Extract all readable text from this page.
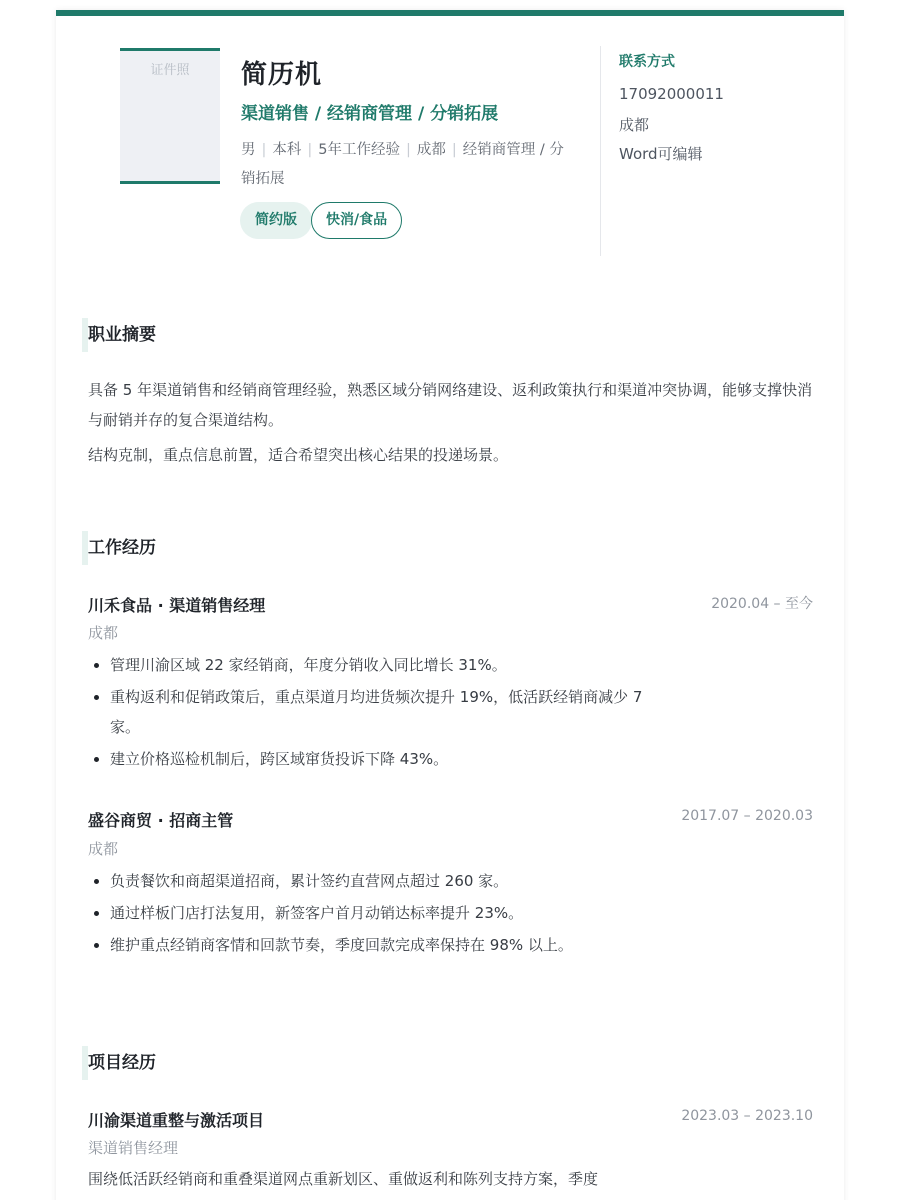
证件照	简历机
渠道销售 / 经销商管理 / 分销拓展
男 | 本科 | 5年工作经验 | 成都 | 经销商管理 / 分销拓展
简约版	快消/食品
联系方式
17092000011
成都
Word可编辑
职业摘要
具备 5 年渠道销售和经销商管理经验，熟悉区域分销网络建设、返利政策执行和渠道冲突协调，能够支撑快消与耐销并存的复合渠道结构。
结构克制，重点信息前置，适合希望突出核心结果的投递场景。
工作经历
川禾食品 · 渠道销售经理	2020.04 – 至今
成都
管理川渝区域 22 家经销商，年度分销收入同比增长 31%。
重构返利和促销政策后，重点渠道月均进货频次提升 19%，低活跃经销商减少 7 家。
建立价格巡检机制后，跨区域窜货投诉下降 43%。
盛谷商贸 · 招商主管	2017.07 – 2020.03
成都
负责餐饮和商超渠道招商，累计签约直营网点超过 260 家。
通过样板门店打法复用，新签客户首月动销达标率提升 23%。
维护重点经销商客情和回款节奏，季度回款完成率保持在 98% 以上。
项目经历
川渝渠道重整与激活项目	2023.03 – 2023.10
渠道销售经理
围绕低活跃经销商和重叠渠道网点重新划区、重做返利和陈列支持方案，季度
